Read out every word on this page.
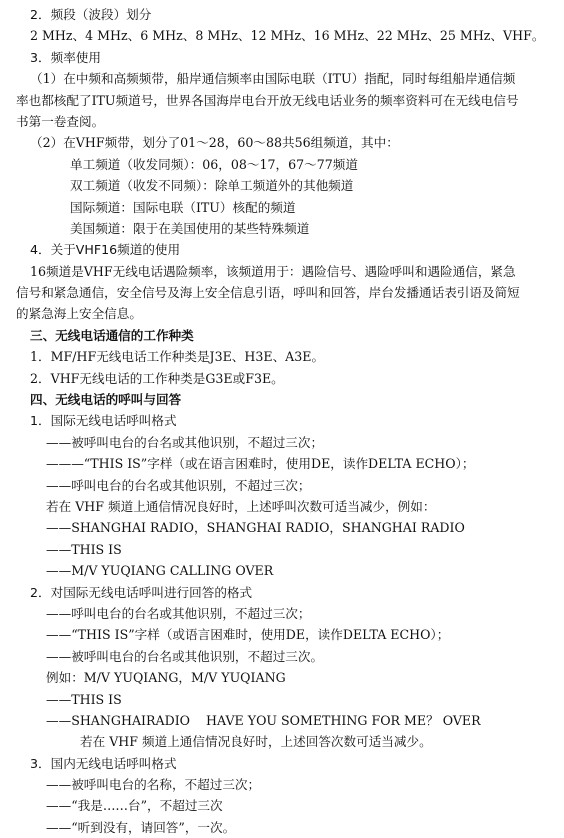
2．频段（波段）划分
2 MHz、4 MHz、6 MHz、8 MHz、12 MHz、16 MHz、22 MHz、25 MHz、VHF。
3．频率使用
（1）在中频和高频频带，船岸通信频率由国际电联（ITU）指配，同时每组船岸通信频
率也都核配了ITU频道号，世界各国海岸电台开放无线电话业务的频率资料可在无线电信号
书第一卷查阅。
（2）在VHF频带，划分了01～28，60～88共56组频道，其中：
单工频道（收发同频）：06，08～17，67～77频道
双工频道（收发不同频）：除单工频道外的其他频道
国际频道：国际电联（ITU）核配的频道
美国频道：限于在美国使用的某些特殊频道
4．关于VHF16频道的使用
16频道是VHF无线电话遇险频率，该频道用于：遇险信号、遇险呼叫和遇险通信，紧急
信号和紧急通信，安全信号及海上安全信息引语，呼叫和回答，岸台发播通话表引语及简短
的紧急海上安全信息。
三、无线电话通信的工作种类
1．MF/HF无线电话工作种类是J3E、H3E、A3E。
2．VHF无线电话的工作种类是G3E或F3E。
四、无线电话的呼叫与回答
1．国际无线电话呼叫格式
——被呼叫电台的台名或其他识别，不超过三次；
———“THIS IS”字样（或在语言困难时，使用DE，读作DELTA ECHO）；
——呼叫电台的台名或其他识别，不超过三次；
若在 VHF 频道上通信情况良好时，上述呼叫次数可适当减少，例如：
——SHANGHAI RADIO，SHANGHAI RADIO，SHANGHAI RADIO
——THIS IS
——M/V YUQIANG CALLING OVER
2．对国际无线电话呼叫进行回答的格式
——呼叫电台的台名或其他识别，不超过三次；
——“THIS IS”字样（或语言困难时，使用DE，读作DELTA ECHO）；
——被呼叫电台的台名或其他识别，不超过三次。
例如：M/V YUQIANG，M/V YUQIANG
——THIS IS
——SHANGHAIRADIO    HAVE YOU SOMETHING FOR ME？ OVER
若在 VHF 频道上通信情况良好时，上述回答次数可适当减少。
3．国内无线电话呼叫格式
——被呼叫电台的名称，不超过三次；
——“我是……台”，不超过三次
——“听到没有，请回答”，一次。
